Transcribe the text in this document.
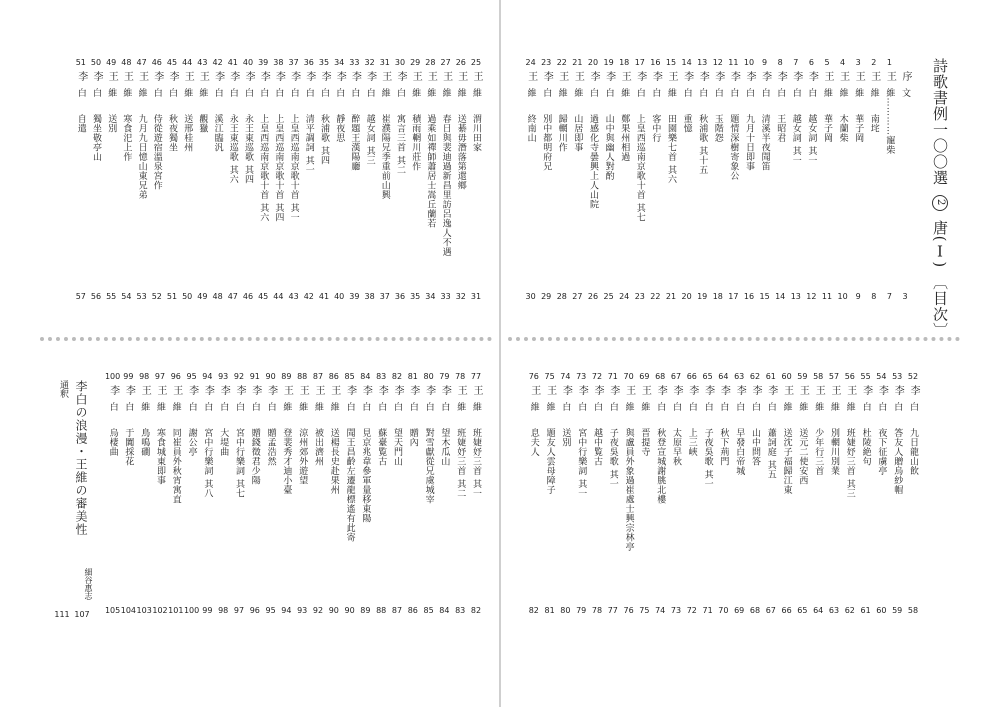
詩歌書例一〇〇選 2 唐(Ⅰ) 〔目次〕
序
文
3
1
王
維…………寵柴
7
2
王
維
南垞
8
3
王
維
華子岡
9
4
王
維
木蘭柴
10
5
王
維
華子岡
11
6
李
白
越女詞 其一
12
7
李
白
越女詞 其一
13
8
李
白
王昭君
14
9
李
白
清溪半夜聞笛
15
10
李
白
九月十日即事
16
11
李
白
題情深樹寄象公
17
12
李
白
玉階怨
18
13
李
白
秋浦歌 其十五
19
14
李
白
重憶
20
15
王
維
田園樂七首 其六
21
16
李
白
客中行
22
17
李
白
上皇西巡南京歌十首 其七
23
18
王
維
鄭果州相過
24
19
李
白
山中與幽人對酌
25
20
李
白
過感化寺曇興上人山院
26
21
王
維
山居即事
27
22
王
維
歸輞川作
28
23
李
白
別中都明府兄
29
24
王
維
終南山
30
52
李
白
九日龍山飲
58
53
李
白
答友人贈烏紗帽
59
54
李
白
夜下征虜亭
60
55
李
白
杜陵絶句
61
56
王
維
班婕妤三首 其三
62
57
王
維
別輞川別業
63
58
王
維
少年行三首
64
59
王
維
送元二使安西
65
60
王
維
送沈子福歸江東
66
61
李
白
蕭詞庭 其五
67
62
李
白
山中問答
68
63
李
白
早發白帝城
69
64
李
白
秋下荊門
70
65
李
白
子夜吳歌 其一
71
66
李
白
上三峽
72
67
李
白
太原早秋
73
68
李
白
秋登宣城謝朓北樓
74
69
王
維
晋提寺
75
70
王
維
與盧員外象過崔處士興宗林亭
76
71
李
白
子夜吳歌 其一
77
72
李
白
越中覧古
78
73
李
白
宮中行樂詞 其一
79
74
李
白
送別
80
75
王
維
題友人雲母障子
81
76
王
維
息夫人
82
25
王
維
渭川田家
31
26
王
維
送綦毋潛落第還鄉
32
27
王
維
春日與裴迪過新昌里訪呂逸人不遇
33
28
王
維
過乘如禪師蕭居士嵩丘蘭若
34
29
王
維
積雨輞川莊作
35
30
李
白
寓言三首 其二
36
31
王
維
崔濮陽兄季重前山興
37
32
李
白
越女詞 其三
38
33
李
白
醉題王漢陽廳
39
34
李
白
靜夜思
40
35
李
白
秋浦歌 其四
41
36
李
白
清平調詞 其一
42
37
李
白
上皇西巡南京歌十首 其一
43
38
李
白
上皇西巡南京歌十首 其四
44
39
李
白
上皇西巡南京歌十首 其六
45
40
李
白
永王東巡歌 其四
46
41
李
白
永王東巡歌 其六
47
42
李
白
溪江臨汎
48
43
王
維
觀獵
49
44
王
維
送邢桂州
50
45
李
白
秋夜獨坐
51
46
李
白
侍從遊宿溫泉宮作
52
47
王
維
九月九日憶山東兄弟
53
48
王
維
寒食汜上作
54
49
王
維
送別
55
50
李
白
獨坐敬亭山
56
51
李
白
自遣
57
77
王
維
班婕妤三首 其一
82
78
王
維
班婕妤三首 其二
83
79
李
白
望木瓜山
84
80
李
白
對雪獻從兄虞城宰
85
81
李
白
贈內
86
82
李
白
望天門山
87
83
李
白
蘇臺覧古
88
84
李
白
見京兆韋參軍量移東陽
89
85
李
白
聞王昌齡左遷龍標遙有此寄
90
86
王
維
送楊長史赴果州
90
87
王
維
被出濟州
92
88
王
維
涼州郊外遊望
93
89
王
維
登裴秀才迪小臺
94
90
李
白
贈孟浩然
95
91
李
白
贈錢徵君少陽
96
92
李
白
宮中行樂詞 其七
97
93
李
白
大堤曲
98
94
李
白
宮中行樂詞 其八
99
95
李
白
謝公亭
100
96
王
維
同崔員外秋宵寓直
101
97
王
維
寒食城東即事
102
98
王
維
鳥鳴磵
103
99
李
白
于闐採花
104
100
李
白
烏棲曲
105
通釈 李白の浪漫・王維の審美性
細谷惠志
111 107
